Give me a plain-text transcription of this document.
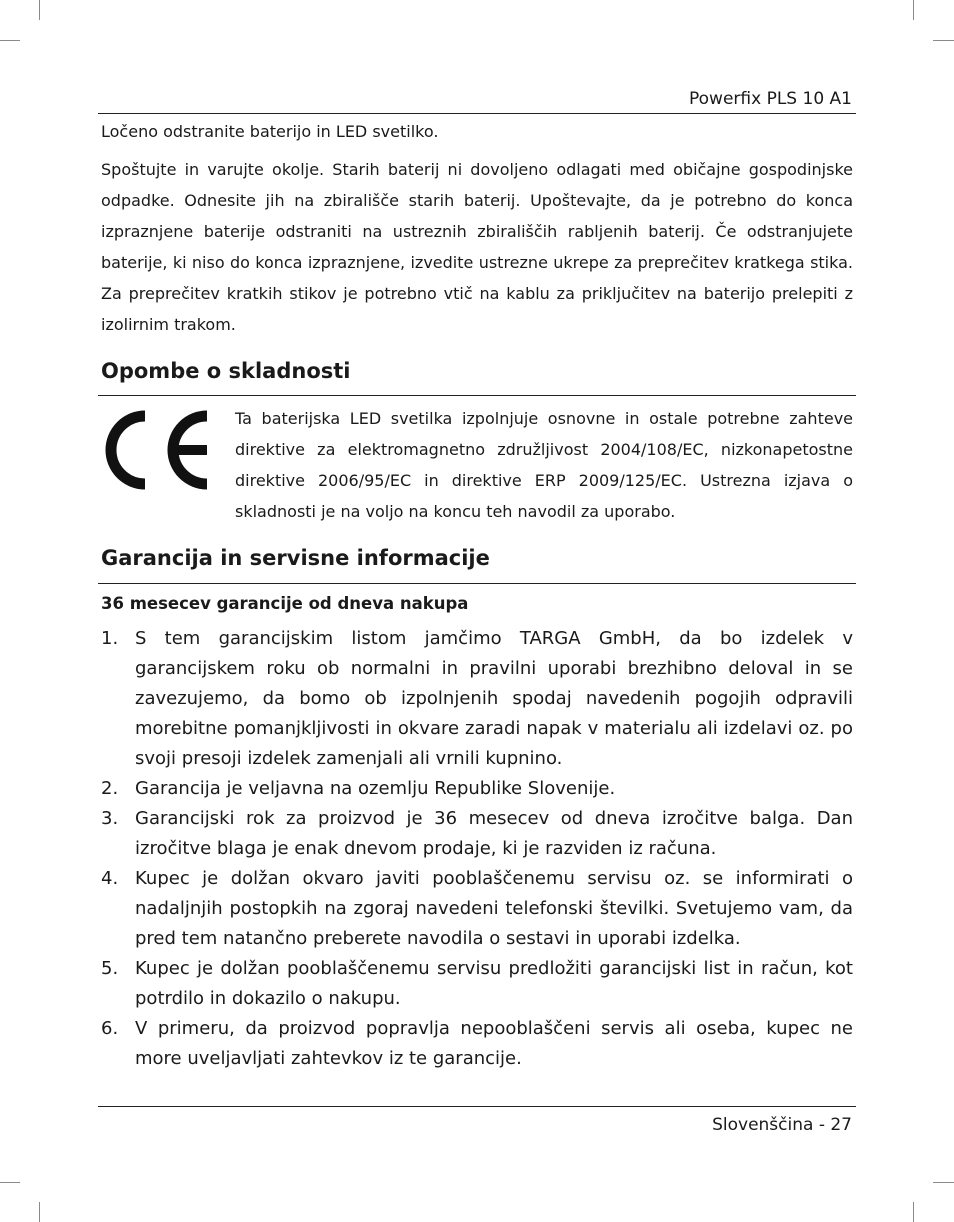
Powerfix PLS 10 A1

Ločeno odstranite baterijo in LED svetilko.

Spoštujte in varujte okolje. Starih baterij ni dovoljeno odlagati med običajne gospodinjske odpadke. Odnesite jih na zbirališče starih baterij. Upoštevajte, da je potrebno do konca izpraznjene baterije odstraniti na ustreznih zbirališčih rabljenih baterij. Če odstranjujete baterije, ki niso do konca izpraznjene, izvedite ustrezne ukrepe za preprečitev kratkega stika. Za preprečitev kratkih stikov je potrebno vtič na kablu za priključitev na baterijo prelepiti z izolirnim trakom.

Opombe o skladnosti

Ta baterijska LED svetilka izpolnjuje osnovne in ostale potrebne zahteve direktive za elektromagnetno združljivost 2004/108/EC, nizkonapetostne direktive 2006/95/EC in direktive ERP 2009/125/EC. Ustrezna izjava o skladnosti je na voljo na koncu teh navodil za uporabo.

Garancija in servisne informacije

36 mesecev garancije od dneva nakupa

1. S tem garancijskim listom jamčimo TARGA GmbH, da bo izdelek v garancijskem roku ob normalni in pravilni uporabi brezhibno deloval in se zavezujemo, da bomo ob izpolnjenih spodaj navedenih pogojih odpravili morebitne pomanjkljivosti in okvare zaradi napak v materialu ali izdelavi oz. po svoji presoji izdelek zamenjali ali vrnili kupnino.
2. Garancija je veljavna na ozemlju Republike Slovenije.
3. Garancijski rok za proizvod je 36 mesecev od dneva izročitve balga. Dan izročitve blaga je enak dnevom prodaje, ki je razviden iz računa.
4. Kupec je dolžan okvaro javiti pooblaščenemu servisu oz. se informirati o nadaljnjih postopkih na zgoraj navedeni telefonski številki. Svetujemo vam, da pred tem natančno preberete navodila o sestavi in uporabi izdelka.
5. Kupec je dolžan pooblaščenemu servisu predložiti garancijski list in račun, kot potrdilo in dokazilo o nakupu.
6. V primeru, da proizvod popravlja nepooblaščeni servis ali oseba, kupec ne more uveljavljati zahtevkov iz te garancije.
Slovenščina - 27
